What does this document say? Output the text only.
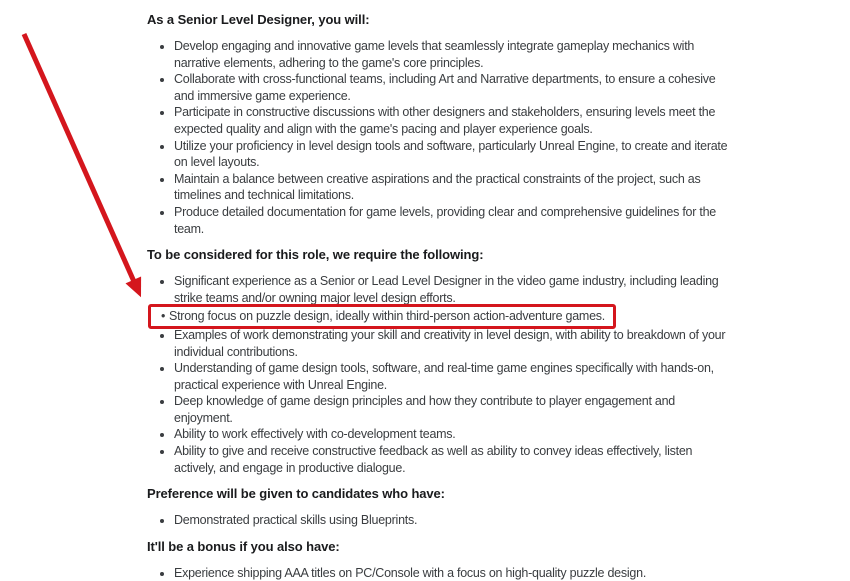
As a Senior Level Designer, you will:
• Develop engaging and innovative game levels that seamlessly integrate gameplay mechanics with narrative elements, adhering to the game's core principles.
• Collaborate with cross-functional teams, including Art and Narrative departments, to ensure a cohesive and immersive game experience.
• Participate in constructive discussions with other designers and stakeholders, ensuring levels meet the expected quality and align with the game's pacing and player experience goals.
• Utilize your proficiency in level design tools and software, particularly Unreal Engine, to create and iterate on level layouts.
• Maintain a balance between creative aspirations and the practical constraints of the project, such as timelines and technical limitations.
• Produce detailed documentation for game levels, providing clear and comprehensive guidelines for the team.
To be considered for this role, we require the following:
• Significant experience as a Senior or Lead Level Designer in the video game industry, including leading strike teams and/or owning major level design efforts.
• Strong focus on puzzle design, ideally within third-person action-adventure games.
• Examples of work demonstrating your skill and creativity in level design, with ability to breakdown of your individual contributions.
• Understanding of game design tools, software, and real-time game engines specifically with hands-on, practical experience with Unreal Engine.
• Deep knowledge of game design principles and how they contribute to player engagement and enjoyment.
• Ability to work effectively with co-development teams.
• Ability to give and receive constructive feedback as well as ability to convey ideas effectively, listen actively, and engage in productive dialogue.
Preference will be given to candidates who have:
• Demonstrated practical skills using Blueprints.
It'll be a bonus if you also have:
• Experience shipping AAA titles on PC/Console with a focus on high-quality puzzle design.
